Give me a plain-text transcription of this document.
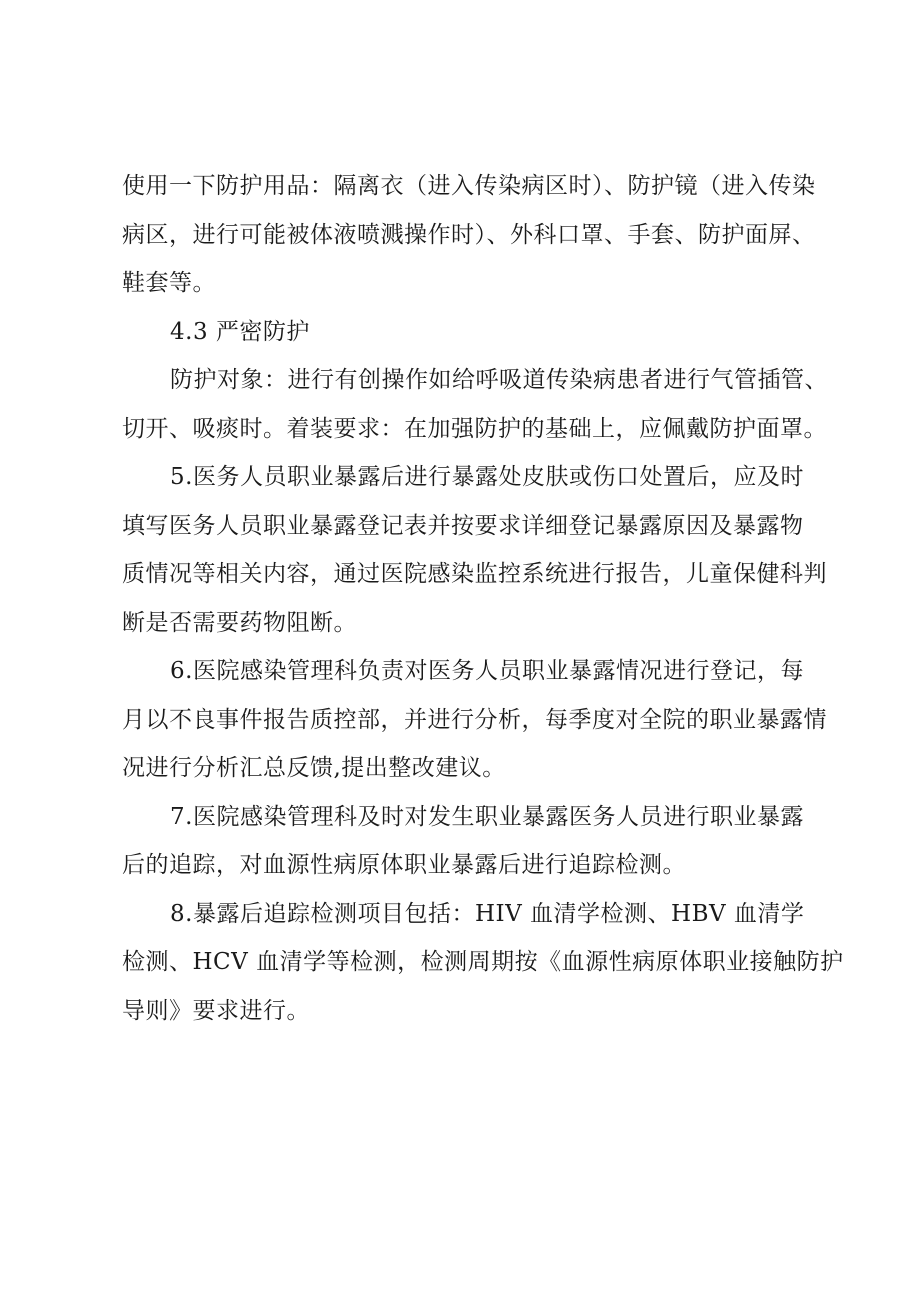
使用一下防护用品：隔离衣（进入传染病区时）、防护镜（进入传染
病区，进行可能被体液喷溅操作时）、外科口罩、手套、防护面屏、
鞋套等。

4.3 严密防护

防护对象：进行有创操作如给呼吸道传染病患者进行气管插管、
切开、吸痰时。着装要求：在加强防护的基础上，应佩戴防护面罩。

5.医务人员职业暴露后进行暴露处皮肤或伤口处置后，应及时
填写医务人员职业暴露登记表并按要求详细登记暴露原因及暴露物
质情况等相关内容，通过医院感染监控系统进行报告，儿童保健科判
断是否需要药物阻断。

6.医院感染管理科负责对医务人员职业暴露情况进行登记，每
月以不良事件报告质控部，并进行分析，每季度对全院的职业暴露情
况进行分析汇总反馈,提出整改建议。

7.医院感染管理科及时对发生职业暴露医务人员进行职业暴露
后的追踪，对血源性病原体职业暴露后进行追踪检测。

8.暴露后追踪检测项目包括：HIV 血清学检测、HBV 血清学
检测、HCV 血清学等检测，检测周期按《血源性病原体职业接触防护
导则》要求进行。
